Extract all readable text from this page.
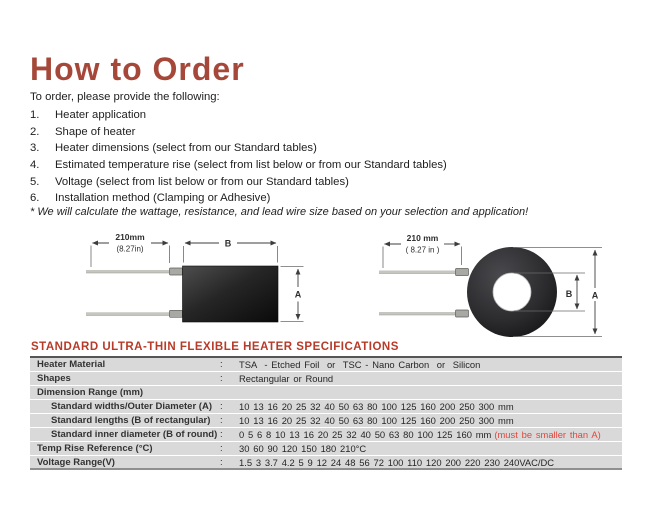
How to Order
To order, please provide the following:
1.	Heater application
2.	Shape of heater
3.	Heater dimensions (select from our Standard tables)
4.	Estimated temperature rise (select from list below or from our Standard tables)
5.	Voltage (select from list below or from our Standard tables)
6.	Installation method (Clamping or Adhesive)
* We will calculate the wattage, resistance, and lead wire size based on your selection and application!
210mm
(8.27in)
B
A
210 mm
( 8.27 in )
B A
STANDARD ULTRA-THIN FLEXIBLE HEATER SPECIFICATIONS
Heater Material	:	TSA  - Etched Foil  or  TSC - Nano Carbon  or  Silicon
Shapes	:	Rectangular or Round
Dimension Range (mm)
Standard widths/Outer Diameter (A) :	10 13 16 20 25 32 40 50 63 80 100 125 160 200 250 300 mm
Standard lengths (B of rectangular)	:	10 13 16 20 25 32 40 50 63 80 100 125 160 200 250 300 mm
Standard inner diameter (B of round) :	0 5 6 8 10 13 16 20 25 32 40 50 63 80 100 125 160 mm (must be smaller than A)
Temp Rise Reference (°C)	:	30 60 90 120 150 180 210°C
Voltage Range(V)	:	1.5 3 3.7 4.2 5 9 12 24 48 56 72 100 110 120 200 220 230 240VAC/DC
